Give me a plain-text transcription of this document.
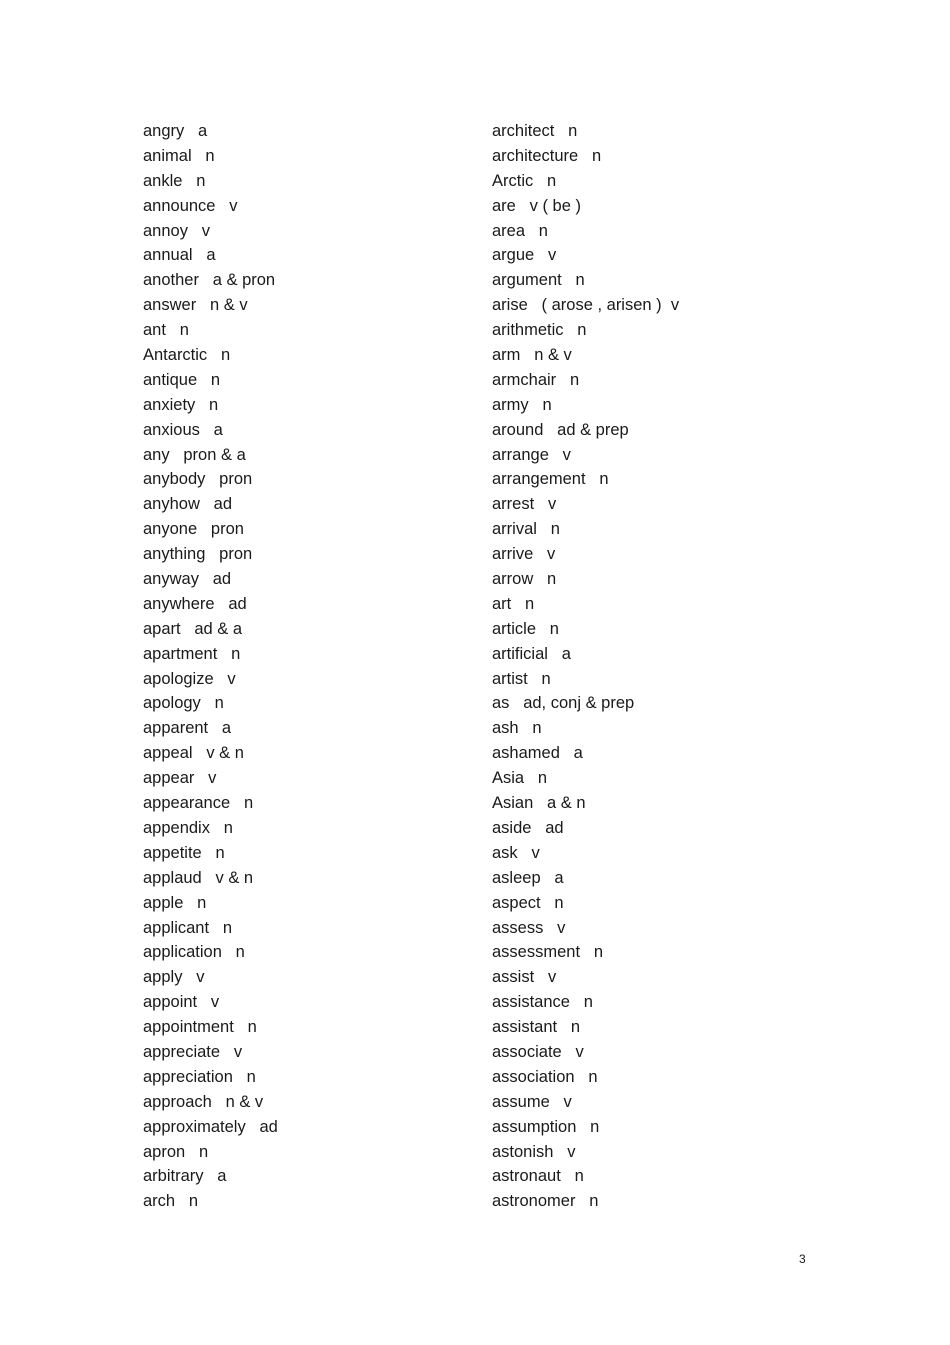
angry a
animal n
ankle n
announce v
annoy v
annual a
another a & pron
answer n & v
ant n
Antarctic n
antique n
anxiety n
anxious a
any pron & a
anybody pron
anyhow ad
anyone pron
anything pron
anyway ad
anywhere ad
apart ad & a
apartment n
apologize v
apology n
apparent a
appeal v & n
appear v
appearance n
appendix n
appetite n
applaud v & n
apple n
applicant n
application n
apply v
appoint v
appointment n
appreciate v
appreciation n
approach n & v
approximately ad
apron n
arbitrary a
arch n
architect n
architecture n
Arctic n
are v ( be )
area n
argue v
argument n
arise ( arose , arisen )  v
arithmetic n
arm n & v
armchair n
army n
around ad & prep
arrange v
arrangement n
arrest v
arrival n
arrive v
arrow n
art n
article n
artificial a
artist n
as ad, conj & prep
ash n
ashamed a
Asia n
Asian a & n
aside ad
ask v
asleep a
aspect n
assess v
assessment n
assist v
assistance n
assistant n
associate v
association n
assume v
assumption n
astonish v
astronaut n
astronomer n
3
